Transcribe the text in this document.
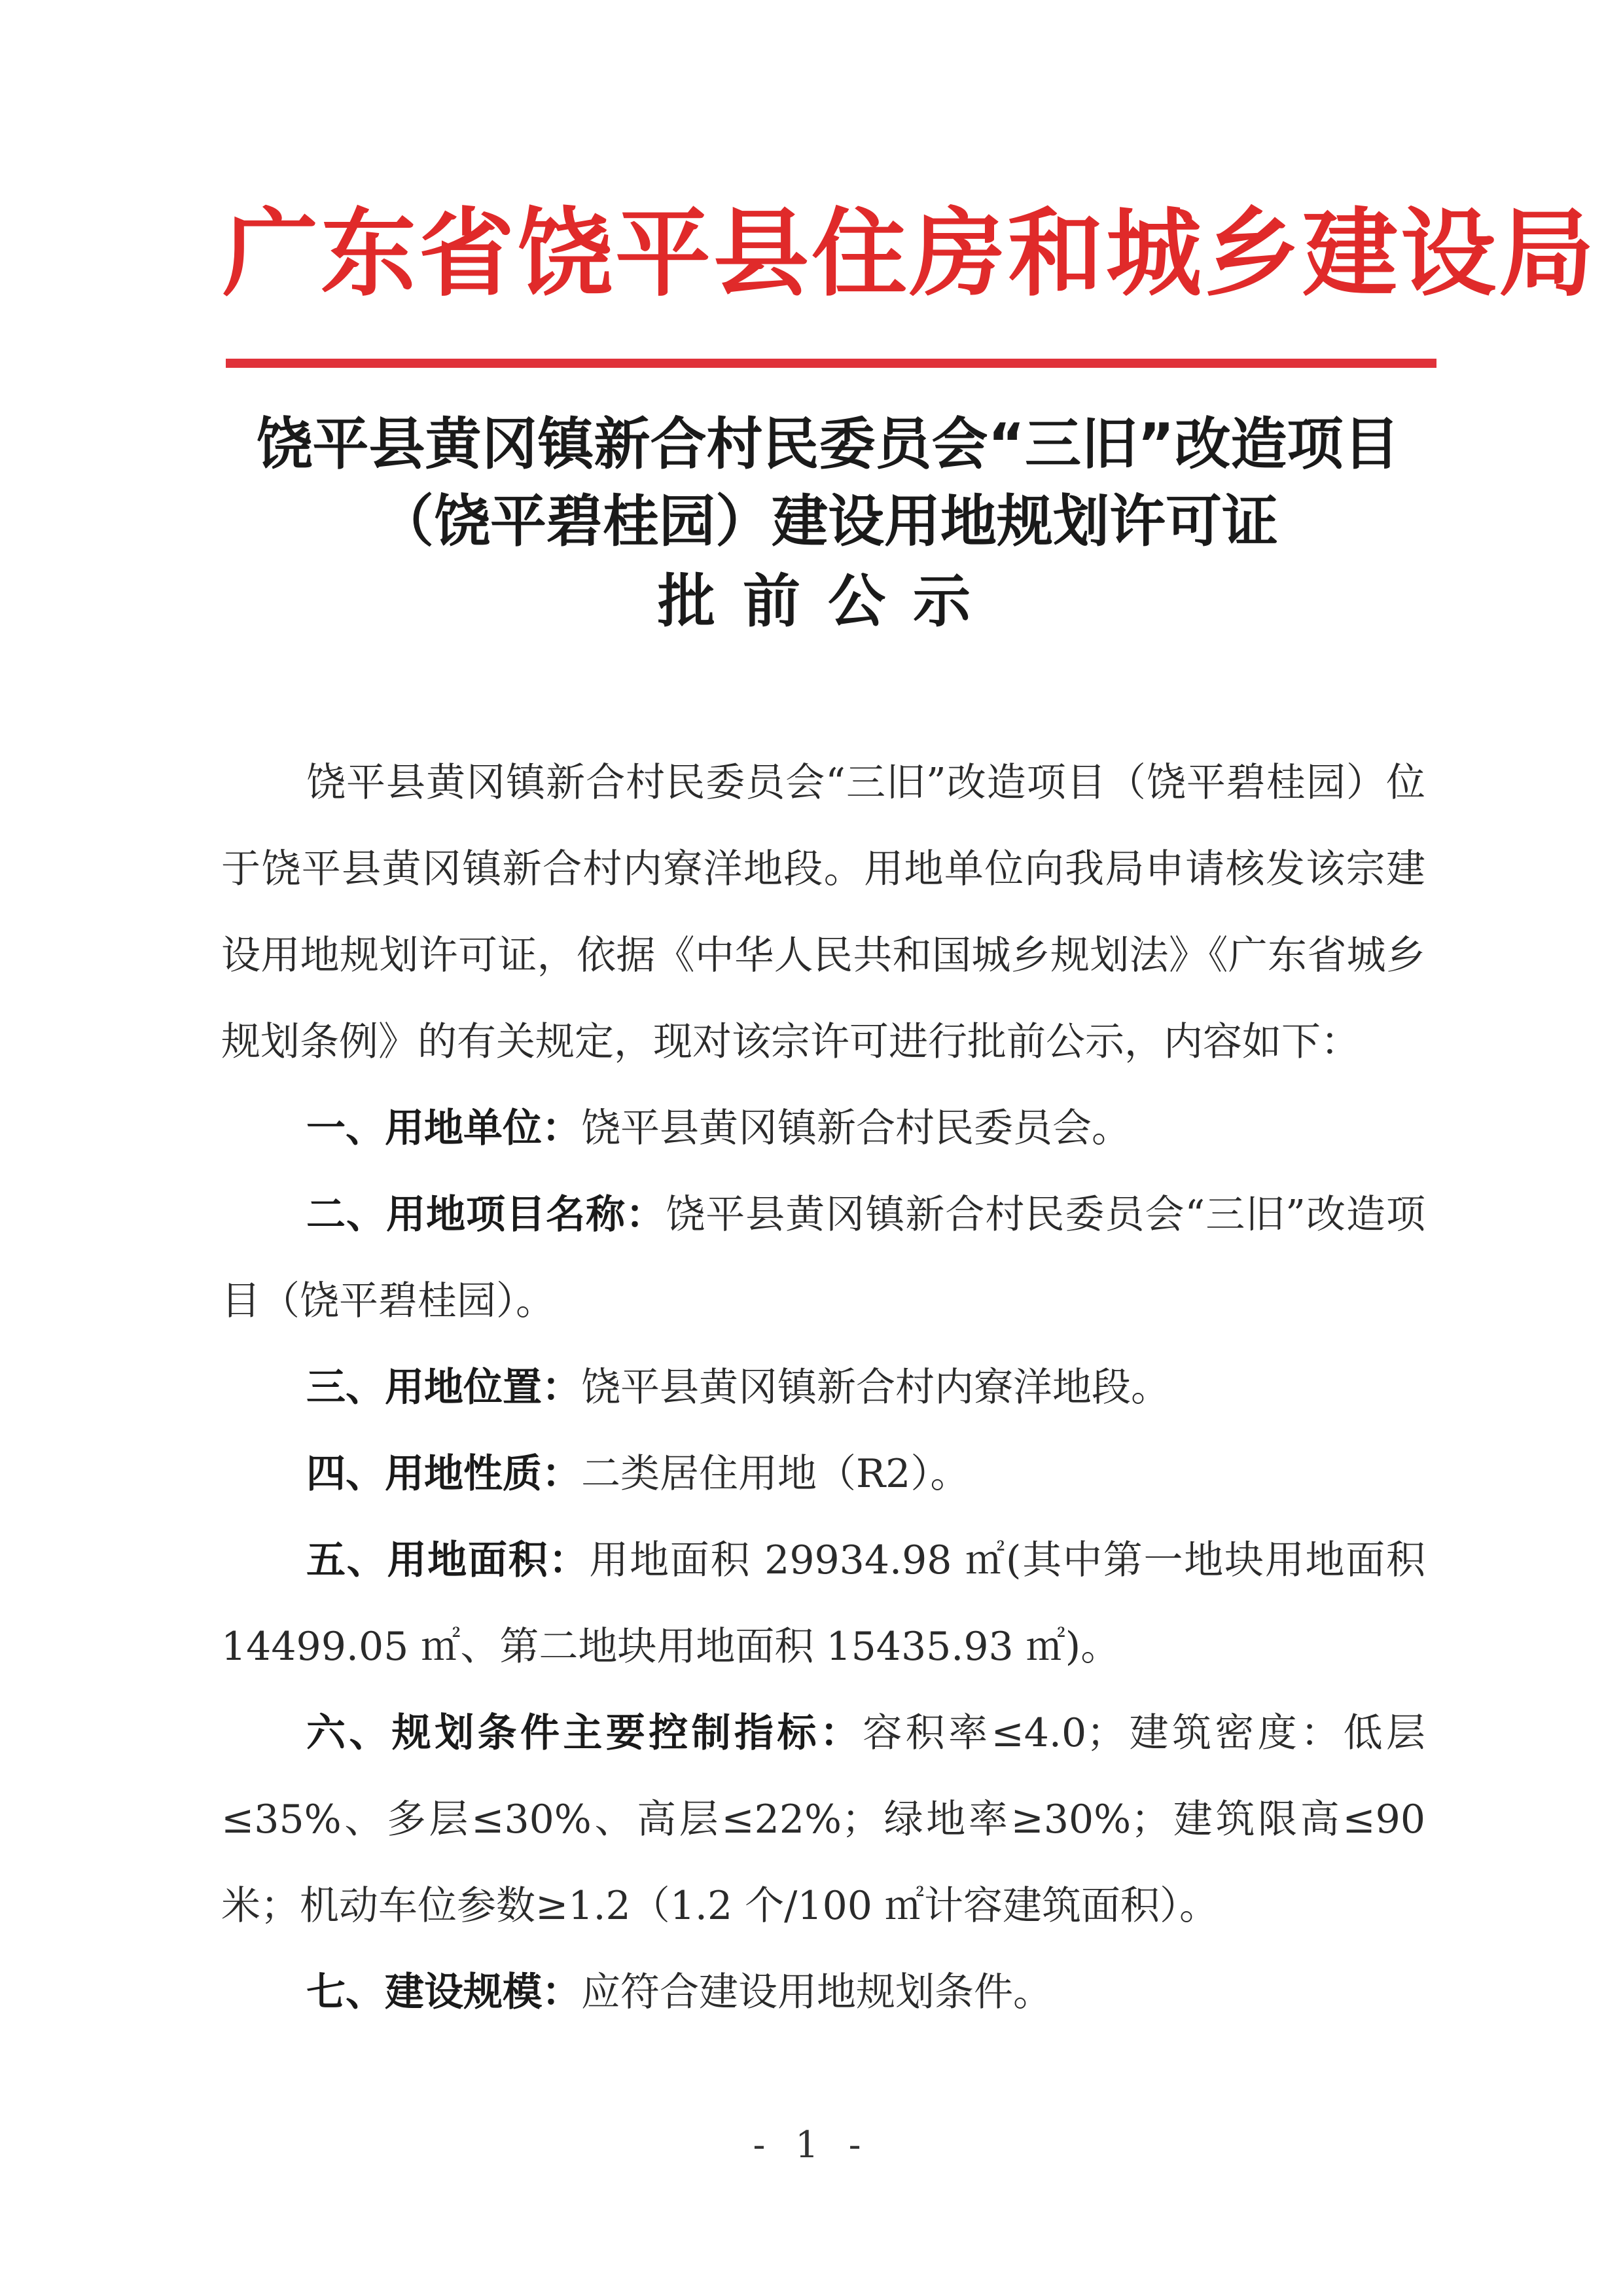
广东省饶平县住房和城乡建设局
饶平县黄冈镇新合村民委员会“三旧”改造项目
（饶平碧桂园）建设用地规划许可证
批前公示

饶平县黄冈镇新合村民委员会“三旧”改造项目（饶平碧桂园）位于饶平县黄冈镇新合村内寮洋地段。用地单位向我局申请核发该宗建设用地规划许可证，依据《中华人民共和国城乡规划法》《广东省城乡规划条例》的有关规定，现对该宗许可进行批前公示，内容如下：

一、用地单位：饶平县黄冈镇新合村民委员会。

二、用地项目名称：饶平县黄冈镇新合村民委员会“三旧”改造项目（饶平碧桂园）。

三、用地位置：饶平县黄冈镇新合村内寮洋地段。

四、用地性质：二类居住用地（R2）。

五、用地面积：用地面积 29934.98 ㎡(其中第一地块用地面积 14499.05 ㎡、第二地块用地面积 15435.93 ㎡)。

六、规划条件主要控制指标：容积率≤4.0；建筑密度：低层≤35%、多层≤30%、高层≤22%；绿地率≥30%；建筑限高≤90米；机动车位参数≥1.2（1.2 个/100 ㎡计容建筑面积）。

七、建设规模：应符合建设用地规划条件。

- 1 -
